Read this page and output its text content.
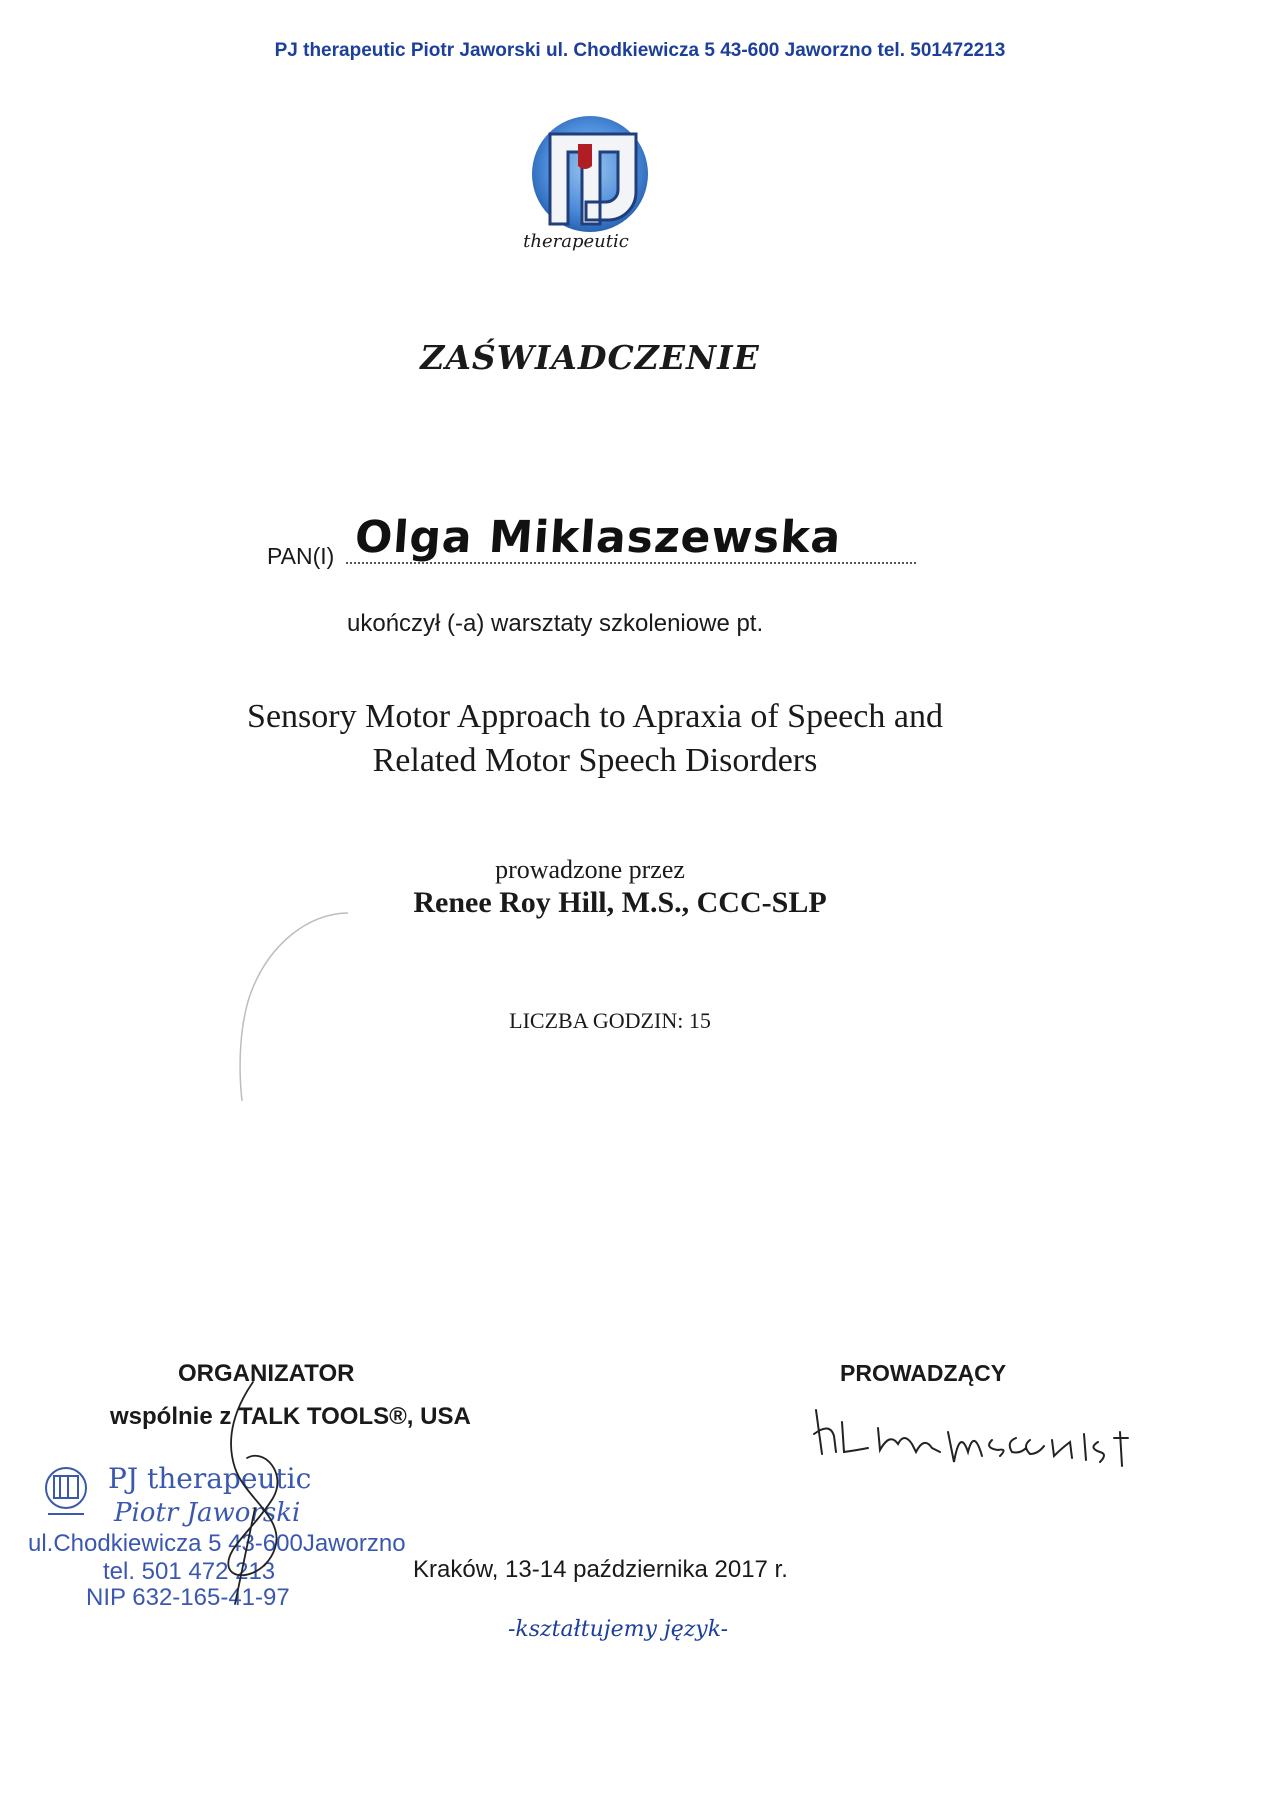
PJ therapeutic Piotr Jaworski ul. Chodkiewicza 5 43-600 Jaworzno tel. 501472213
therapeutic
ZAŚWIADCZENIE
PAN(I) Olga Miklaszewska
ukończył (-a) warsztaty szkoleniowe pt.
Sensory Motor Approach to Apraxia of Speech and
Related Motor Speech Disorders
prowadzone przez
Renee Roy Hill, M.S., CCC-SLP
LICZBA GODZIN: 15
ORGANIZATOR
wspólnie z TALK TOOLS®, USA
PROWADZĄCY
PJ therapeutic
Piotr Jaworski
ul.Chodkiewicza 5 43-600Jaworzno
tel. 501 472 213
NIP 632-165-41-97
Kraków, 13-14 października 2017 r.
-kształtujemy język-
